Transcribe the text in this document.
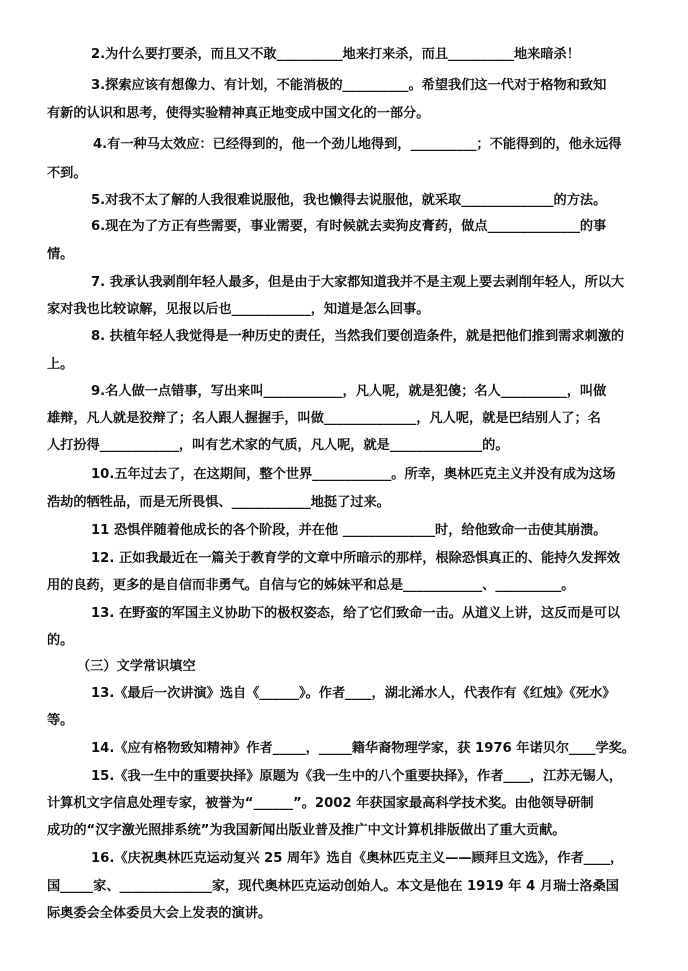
2.为什么要打要杀，而且又不敢__________地来打来杀，而且__________地来暗杀！
3.探索应该有想像力、有计划，不能消极的__________。希望我们这一代对于格物和致知
有新的认识和思考，使得实验精神真正地变成中国文化的一部分。
4.有一种马太效应：已经得到的，他一个劲儿地得到，__________；不能得到的，他永远得
不到。
5.对我不太了解的人我很难说服他，我也懒得去说服他，就采取______________的方法。
6.现在为了方正有些需要，事业需要，有时候就去卖狗皮膏药，做点______________的事
情。
7. 我承认我剥削年轻人最多，但是由于大家都知道我并不是主观上要去剥削年轻人，所以大
家对我也比较谅解，见报以后也____________，知道是怎么回事。
8. 扶植年轻人我觉得是一种历史的责任，当然我们要创造条件，就是把他们推到需求刺激的
上。
9.名人做一点错事，写出来叫____________，凡人呢，就是犯傻；名人__________，叫做
雄辩，凡人就是狡辩了；名人跟人握握手，叫做______________，凡人呢，就是巴结别人了；名
人打扮得____________，叫有艺术家的气质，凡人呢，就是______________的。
10.五年过去了，在这期间，整个世界____________。所幸，奥林匹克主义并没有成为这场
浩劫的牺牲品，而是无所畏惧、____________地挺了过来。
11 恐惧伴随着他成长的各个阶段，并在他 ______________时，给他致命一击使其崩溃。
12. 正如我最近在一篇关于教育学的文章中所暗示的那样，根除恐惧真正的、能持久发挥效
用的良药，更多的是自信而非勇气。自信与它的姊妹平和总是____________、__________。
13. 在野蛮的军国主义协助下的极权姿态，给了它们致命一击。从道义上讲，这反而是可以
的。
（三）文学常识填空
13.《最后一次讲演》选自《______》。作者____，湖北浠水人，代表作有《红烛》《死水》
等。
14.《应有格物致知精神》作者_____，_____籍华裔物理学家，获 1976 年诺贝尔____学奖。
15.《我一生中的重要抉择》原题为《我一生中的八个重要抉择》，作者____，江苏无锡人，
计算机文字信息处理专家，被誉为“______”。2002 年获国家最高科学技术奖。由他领导研制
成功的“汉字激光照排系统”为我国新闻出版业普及推广中文计算机排版做出了重大贡献。
16.《庆祝奥林匹克运动复兴 25 周年》选自《奥林匹克主义——顾拜旦文选》，作者____，
国_____家、______________家，现代奥林匹克运动创始人。本文是他在 1919 年 4 月瑞士洛桑国
际奥委会全体委员大会上发表的演讲。
